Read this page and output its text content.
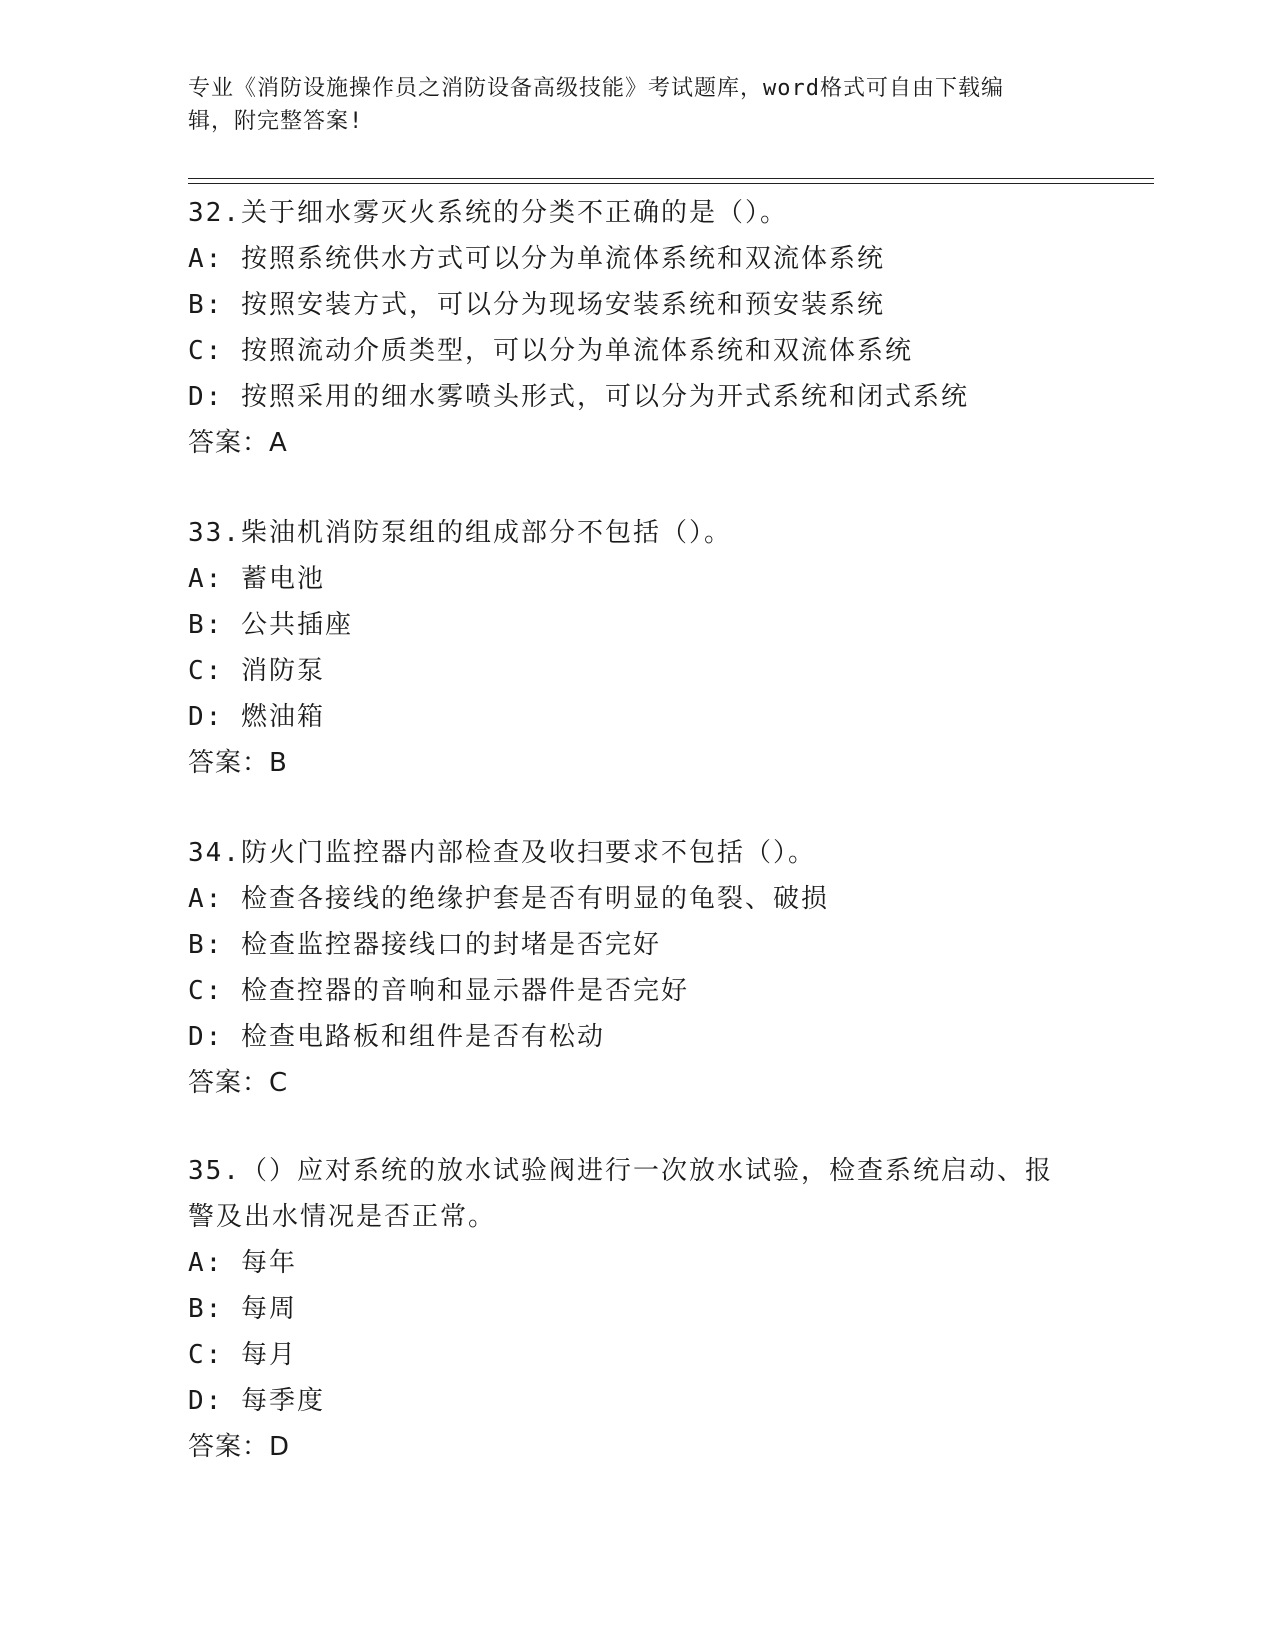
专业《消防设施操作员之消防设备高级技能》考试题库，word格式可自由下载编
辑，附完整答案!
32.关于细水雾灭火系统的分类不正确的是（）。
A: 按照系统供水方式可以分为单流体系统和双流体系统
B: 按照安装方式，可以分为现场安装系统和预安装系统
C: 按照流动介质类型，可以分为单流体系统和双流体系统
D: 按照采用的细水雾喷头形式，可以分为开式系统和闭式系统
答案：A
33.柴油机消防泵组的组成部分不包括（）。
A: 蓄电池
B: 公共插座
C: 消防泵
D: 燃油箱
答案：B
34.防火门监控器内部检查及收扫要求不包括（）。
A: 检查各接线的绝缘护套是否有明显的龟裂、破损
B: 检查监控器接线口的封堵是否完好
C: 检查控器的音响和显示器件是否完好
D: 检查电路板和组件是否有松动
答案：C
35.（）应对系统的放水试验阀进行一次放水试验，检查系统启动、报
警及出水情况是否正常。
A: 每年
B: 每周
C: 每月
D: 每季度
答案：D
